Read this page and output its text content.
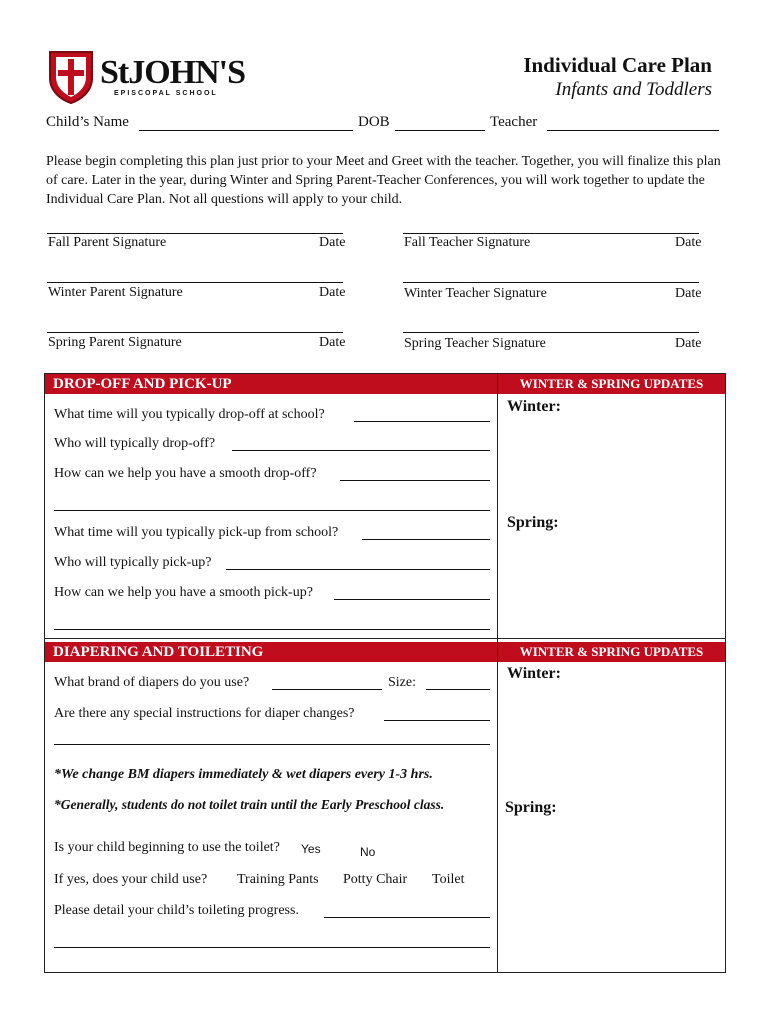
StJOHN'S
EPISCOPAL SCHOOL
Individual Care Plan
Infants and Toddlers
Child’s Name	DOB	Teacher
Please begin completing this plan just prior to your Meet and Greet with the teacher. Together, you will finalize this plan of care. Later in the year, during Winter and Spring Parent-Teacher Conferences, you will work together to update the Individual Care Plan. Not all questions will apply to your child.
Fall Parent Signature	Date	Fall Teacher Signature	Date
Winter Parent Signature	Date	Winter Teacher Signature	Date
Spring Parent Signature	Date	Spring Teacher Signature	Date
DROP-OFF AND PICK-UP	WINTER & SPRING UPDATES
What time will you typically drop-off at school?
Who will typically drop-off?
How can we help you have a smooth drop-off?
What time will you typically pick-up from school?
Who will typically pick-up?
How can we help you have a smooth pick-up?
Winter:
Spring:
DIAPERING AND TOILETING	WINTER & SPRING UPDATES
What brand of diapers do you use?	Size:
Are there any special instructions for diaper changes?
*We change BM diapers immediately & wet diapers every 1-3 hrs.
*Generally, students do not toilet train until the Early Preschool class.
Is your child beginning to use the toilet? Yes	No
If yes, does your child use? Training Pants Potty Chair Toilet
Please detail your child’s toileting progress.
Winter:
Spring:
